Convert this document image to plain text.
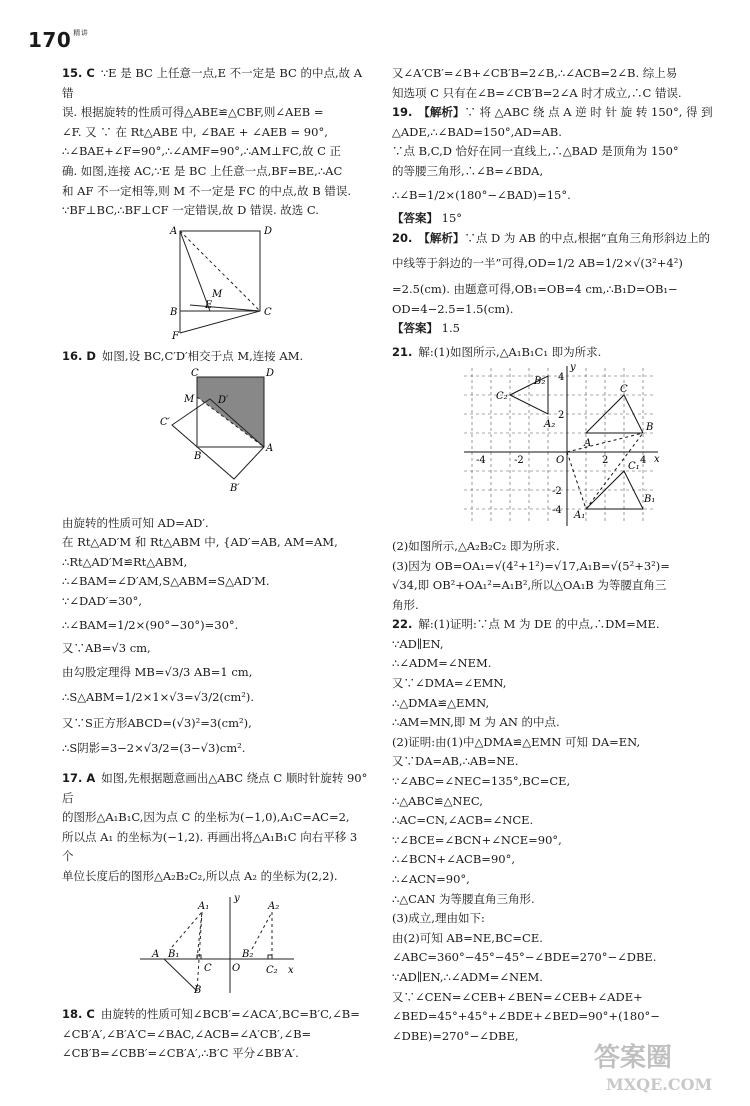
170 $^{精讲}$

15. C ∵E 是 BC 上任意一点,E 不一定是 BC 的中点,故 A 错

误. 根据旋转的性质可得△ABE≌△CBF,则∠AEB =

∠F. 又 ∵ 在 Rt△ABE 中, ∠BAE + ∠AEB = 90°,

∴∠BAE+∠F=90°,∴∠AMF=90°,∴AM⊥FC,故 C 正

确. 如图,连接 AC,∵E 是 BC 上任意一点,BF=BE,∴AC

和 AF 不一定相等,则 M 不一定是 FC 的中点,故 B 错误.

∵BF⊥BC,∴BF⊥CF 一定错误,故 D 错误. 故选 C.

A	D
M
E
B	C
F

16. D 如图,设 BC,C′D′相交于点 M,连接 AM.

C	D
M D′
C′
A
B
B′

由旋转的性质可知 AD=AD′.

在 Rt△AD′M 和 Rt△ABM 中, {AD′=AB, AM=AM,

∴Rt△AD′M≌Rt△ABM,

∴∠BAM=∠D′AM,S△ABM=S△AD′M.

∵∠DAD′=30°,

∴∠BAM=1/2×(90°−30°)=30°.

又∵AB=√3 cm,

由勾股定理得 MB=√3/3 AB=1 cm,

∴S△ABM=1/2×1×√3=√3/2(cm²).

又∵S正方形ABCD=(√3)²=3(cm²),

∴S阴影=3−2×√3/2=(3−√3)cm².

17. A 如图,先根据题意画出△ABC 绕点 C 顺时针旋转 90°后

的图形△A₁B₁C,因为点 C 的坐标为(−1,0),A₁C=AC=2,

所以点 A₁ 的坐标为(−1,2). 再画出将△A₁B₁C 向右平移 3 个

单位长度后的图形△A₂B₂C₂,所以点 A₂ 的坐标为(2,2).

y
x
A₁	A₂
A B₁
C O
B₂
C₂
B

18. C 由旋转的性质可知∠BCB′=∠ACA′,BC=B′C,∠B=

∠CB′A′,∠B′A′C=∠BAC,∠ACB=∠A′CB′,∠B=

∠CB′B=∠CBB′=∠CB′A′,∴B′C 平分∠BB′A′.

又∠A′CB′=∠B+∠CB′B=2∠B,∴∠ACB=2∠B. 综上易

知选项 C 只有在∠B=∠CB′B=2∠A 时才成立,∴C 错误.

19. 【解析】∵ 将 △ABC 绕 点 A 逆 时 针 旋 转 150°, 得 到

△ADE,∴∠BAD=150°,AD=AB.

∵点 B,C,D 恰好在同一直线上,∴△BAD 是顶角为 150°

的等腰三角形,∴∠B=∠BDA,

∴∠B=1/2×(180°−∠BAD)=15°.

【答案】 15°

20. 【解析】∵点 D 为 AB 的中点,根据“直角三角形斜边上的

中线等于斜边的一半”可得,OD=1/2 AB=1/2×√(3²+4²)

=2.5(cm). 由题意可得,OB₁=OB=4 cm,∴B₁D=OB₁−

OD=4−2.5=1.5(cm).

【答案】 1.5

21. 解:(1)如图所示,△A₁B₁C₁ 即为所求.

y
x
O
B₂
C₂
A₂
A
C
B
C₁
A₁
B₁
4
2
-2
-4
-4	-2	2	4

(2)如图所示,△A₂B₂C₂ 即为所求.

(3)因为 OB=OA₁=√(4²+1²)=√17,A₁B=√(5²+3²)=

√34,即 OB²+OA₁²=A₁B²,所以△OA₁B 为等腰直角三

角形.

22. 解:(1)证明:∵点 M 为 DE 的中点,∴DM=ME.

∵AD∥EN,

∴∠ADM=∠NEM.

又∵∠DMA=∠EMN,

∴△DMA≌△EMN,

∴AM=MN,即 M 为 AN 的中点.

(2)证明:由(1)中△DMA≌△EMN 可知 DA=EN,

又∵DA=AB,∴AB=NE.

∵∠ABC=∠NEC=135°,BC=CE,

∴△ABC≌△NEC,

∴AC=CN,∠ACB=∠NCE.

∵∠BCE=∠BCN+∠NCE=90°,

∴∠BCN+∠ACB=90°,

∴∠ACN=90°,

∴△CAN 为等腰直角三角形.

(3)成立,理由如下:

由(2)可知 AB=NE,BC=CE.

∠ABC=360°−45°−45°−∠BDE=270°−∠DBE.

∵AD∥EN,∴∠ADM=∠NEM.

又∵∠CEN=∠CEB+∠BEN=∠CEB+∠ADE+

∠BED=45°+45°+∠BDE+∠BED=90°+(180°−

∠DBE)=270°−∠DBE,

答案圈
MXQE.COM
